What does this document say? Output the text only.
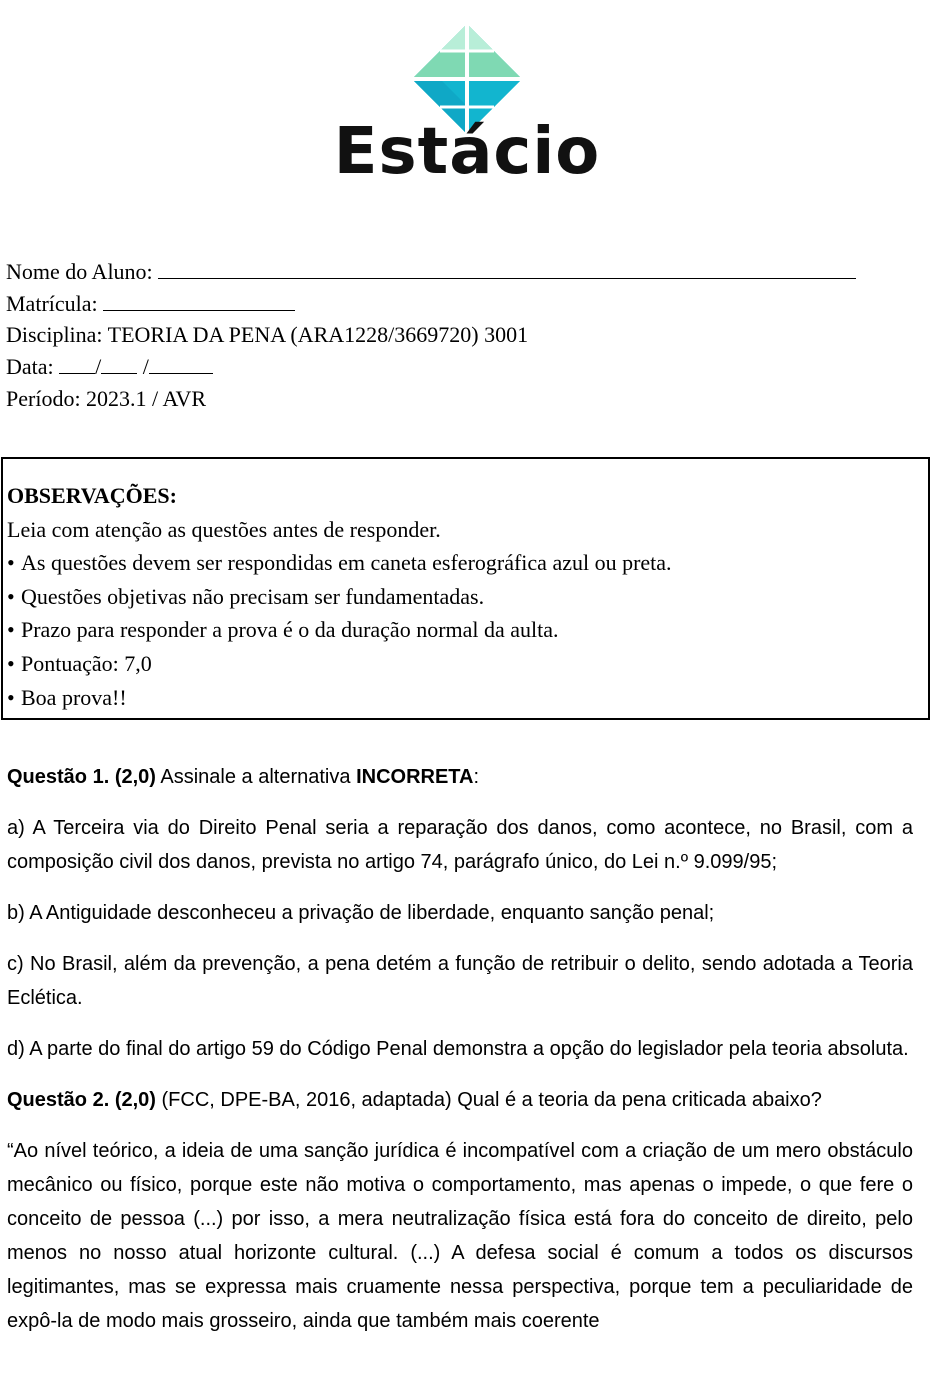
Estácio
Nome do Aluno:
Matrícula:
Disciplina: TEORIA DA PENA (ARA1228/3669720) 3001
Data: / /
Período: 2023.1 / AVR
OBSERVAÇÕES:
Leia com atenção as questões antes de responder.
• As questões devem ser respondidas em caneta esferográfica azul ou preta.
• Questões objetivas não precisam ser fundamentadas.
• Prazo para responder a prova é o da duração normal da aulta.
• Pontuação: 7,0
• Boa prova!!

Questão 1. (2,0) Assinale a alternativa INCORRETA:

a) A Terceira via do Direito Penal seria a reparação dos danos, como acontece, no Brasil, com a composição civil dos danos, prevista no artigo 74, parágrafo único, do Lei n.º 9.099/95;

b) A Antiguidade desconheceu a privação de liberdade, enquanto sanção penal;

c) No Brasil, além da prevenção, a pena detém a função de retribuir o delito, sendo adotada a Teoria Eclética.

d) A parte do final do artigo 59 do Código Penal demonstra a opção do legislador pela teoria absoluta.

Questão 2. (2,0) (FCC, DPE-BA, 2016, adaptada) Qual é a teoria da pena criticada abaixo?

“Ao nível teórico, a ideia de uma sanção jurídica é incompatível com a criação de um mero obstáculo mecânico ou físico, porque este não motiva o comportamento, mas apenas o impede, o que fere o conceito de pessoa (...) por isso, a mera neutralização física está fora do conceito de direito, pelo menos no nosso atual horizonte cultural. (...) A defesa social é comum a todos os discursos legitimantes, mas se expressa mais cruamente nessa perspectiva, porque tem a peculiaridade de expô-la de modo mais grosseiro, ainda que também mais coerente
